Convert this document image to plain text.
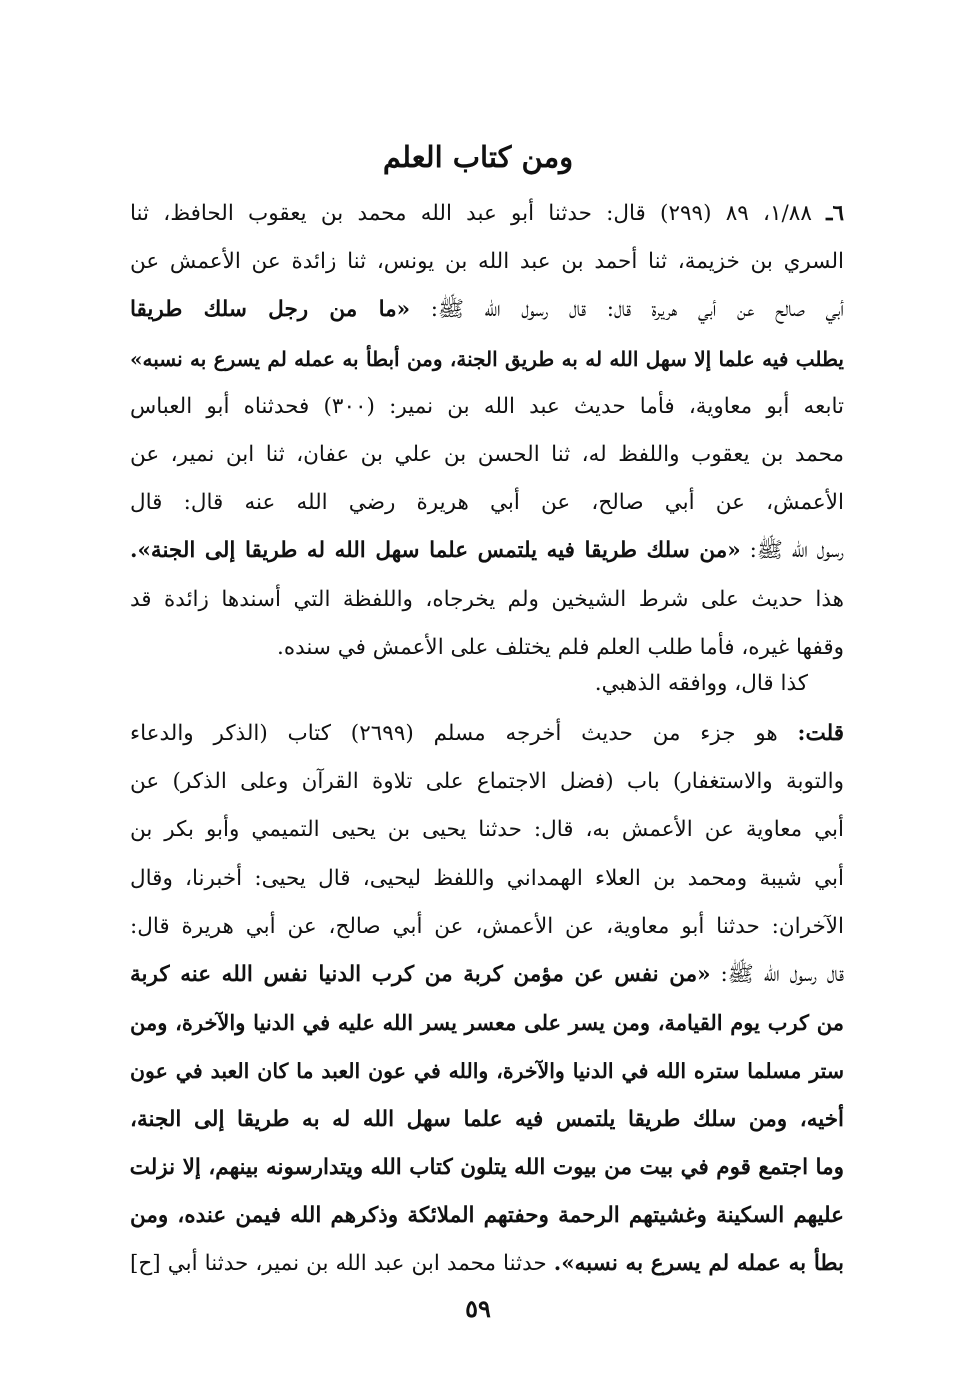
ومن كتاب العلم
٦ـ ١/٨٨، ٨٩ (٢٩٩) قال: حدثنا أبو عبد الله محمد بن يعقوب الحافظ، ثنا
السري بن خزيمة، ثنا أحمد بن عبد الله بن يونس، ثنا زائدة عن الأعمش عن
أبي صالح عن أبي هريرة قال: قال رسول الله ﷺ: «ما من رجل سلك طريقا
يطلب فيه علما إلا سهل الله له به طريق الجنة، ومن أبطأ به عمله لم يسرع به نسبه»
تابعه أبو معاوية، فأما حديث عبد الله بن نمير: (٣٠٠) فحدثناه أبو العباس
محمد بن يعقوب واللفظ له، ثنا الحسن بن علي بن عفان، ثنا ابن نمير، عن
الأعمش، عن أبي صالح، عن أبي هريرة رضي الله عنه قال: قال
رسول الله ﷺ: «من سلك طريقا فيه يلتمس علما سهل الله له طريقا إلى الجنة».
هذا حديث على شرط الشيخين ولم يخرجاه، واللفظة التي أسندها زائدة قد
وقفها غيره، فأما طلب العلم فلم يختلف على الأعمش في سنده.
كذا قال، ووافقه الذهبي.
قلت: هو جزء من حديث أخرجه مسلم (٢٦٩٩) كتاب (الذكر والدعاء
والتوبة والاستغفار) باب (فضل الاجتماع على تلاوة القرآن وعلى الذكر) عن
أبي معاوية عن الأعمش به، قال: حدثنا يحيى بن يحيى التميمي وأبو بكر بن
أبي شيبة ومحمد بن العلاء الهمداني واللفظ ليحيى، قال يحيى: أخبرنا، وقال
الآخران: حدثنا أبو معاوية، عن الأعمش، عن أبي صالح، عن أبي هريرة قال:
قال رسول الله ﷺ: «من نفس عن مؤمن كربة من كرب الدنيا نفس الله عنه كربة
من كرب يوم القيامة، ومن يسر على معسر يسر الله عليه في الدنيا والآخرة، ومن
ستر مسلما ستره الله في الدنيا والآخرة، والله في عون العبد ما كان العبد في عون
أخيه، ومن سلك طريقا يلتمس فيه علما سهل الله له به طريقا إلى الجنة،
وما اجتمع قوم في بيت من بيوت الله يتلون كتاب الله ويتدارسونه بينهم، إلا نزلت
عليهم السكينة وغشيتهم الرحمة وحفتهم الملائكة وذكرهم الله فيمن عنده، ومن
بطأ به عمله لم يسرع به نسبه». حدثنا محمد ابن عبد الله بن نمير، حدثنا أبي [ح]
٥٩
